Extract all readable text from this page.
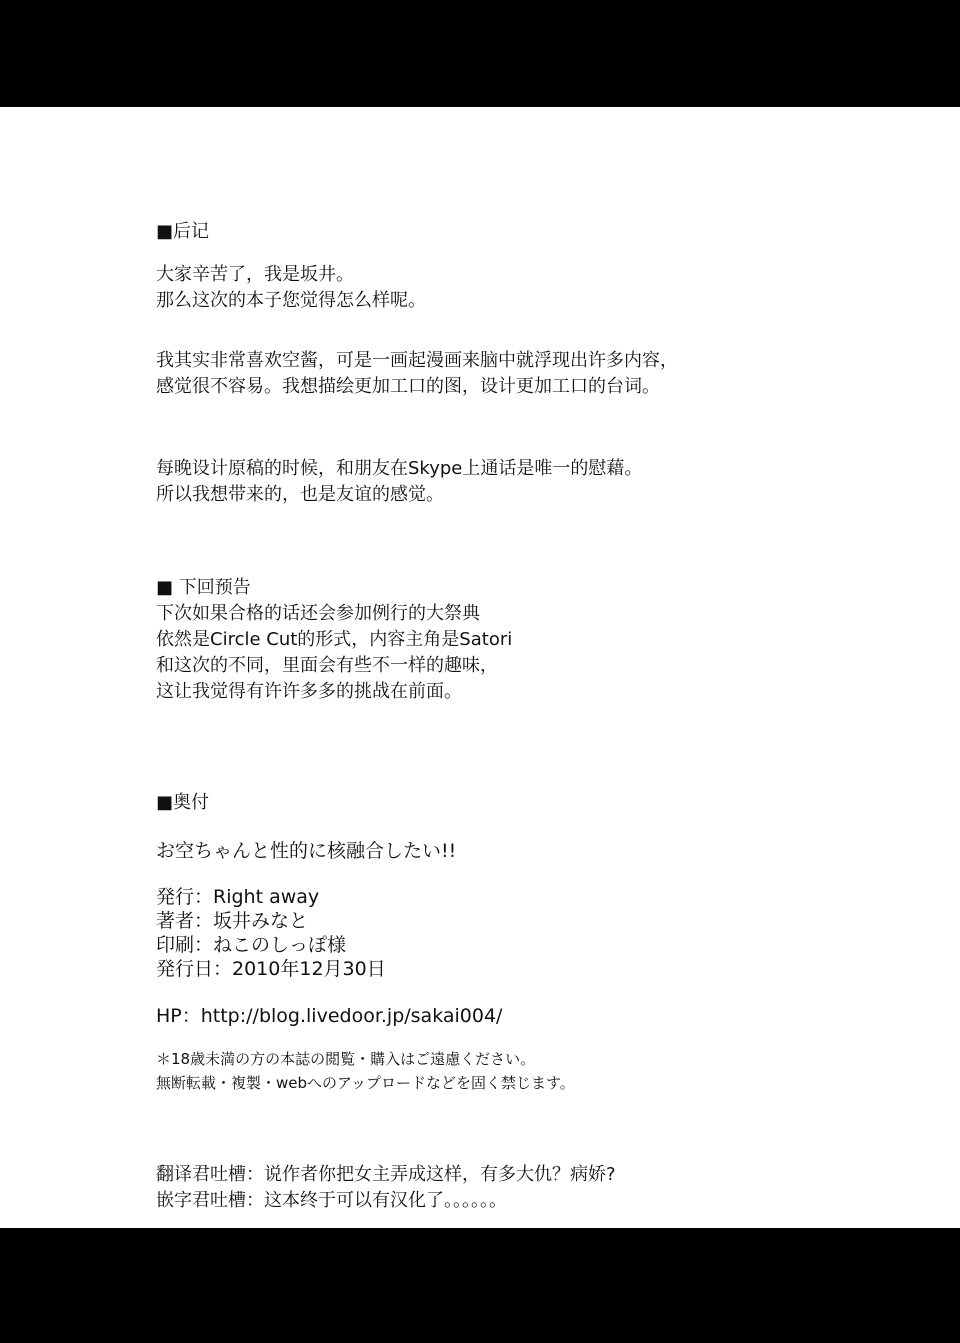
■后记
大家辛苦了，我是坂井。
那么这次的本子您觉得怎么样呢。
我其实非常喜欢空酱，可是一画起漫画来脑中就浮现出许多内容，
感觉很不容易。我想描绘更加工口的图，设计更加工口的台词。
每晚设计原稿的时候，和朋友在Skype上通话是唯一的慰藉。
所以我想带来的，也是友谊的感觉。
■ 下回预告
下次如果合格的话还会参加例行的大祭典
依然是Circle Cut的形式，内容主角是Satori
和这次的不同，里面会有些不一样的趣味，
这让我觉得有许许多多的挑战在前面。
■奥付
お空ちゃんと性的に核融合したい!!
発行：Right away
著者：坂井みなと
印刷：ねこのしっぽ様
発行日：2010年12月30日
HP：http://blog.livedoor.jp/sakai004/
＊18歳未満の方の本誌の閲覧・購入はご遠慮ください。
無断転載・複製・webへのアップロードなどを固く禁じます。
翻译君吐槽：说作者你把女主弄成这样，有多大仇？病娇?
嵌字君吐槽：这本终于可以有汉化了。。。。。。
